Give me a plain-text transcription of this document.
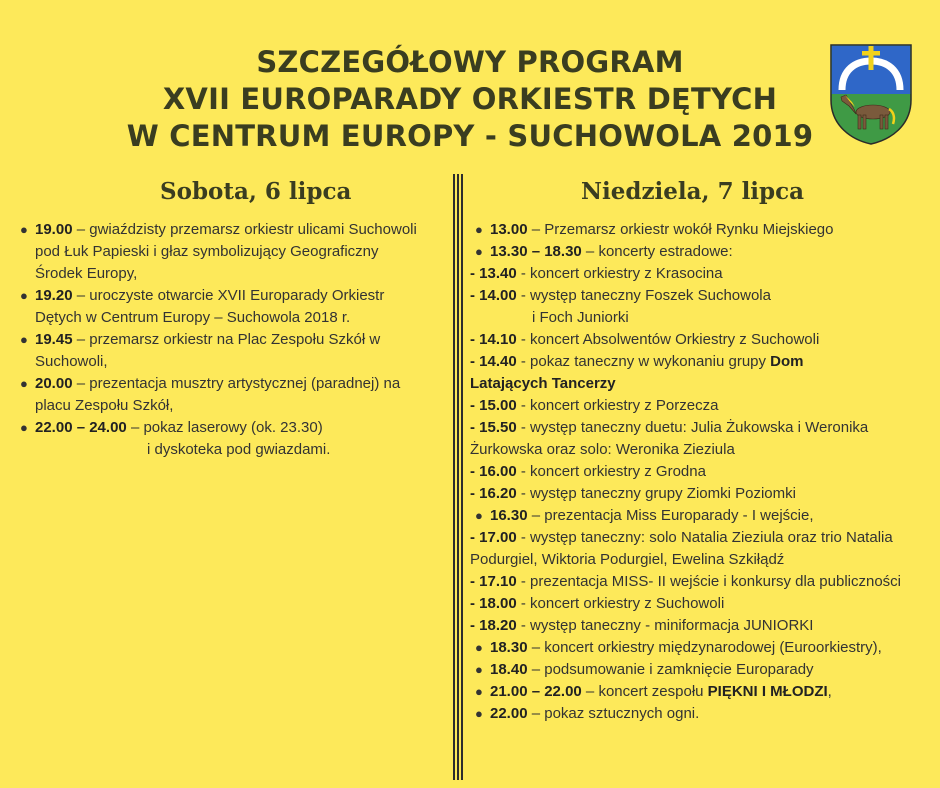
SZCZEGÓŁOWY PROGRAM
XVII EUROPARADY ORKIESTR DĘTYCH
W CENTRUM EUROPY - SUCHOWOLA 2019
Sobota, 6 lipca	Niedziela, 7 lipca
● 19.00 – gwiaździsty przemarsz orkiestr ulicami Suchowoli
pod Łuk Papieski i głaz symbolizujący Geograficzny
Środek Europy,
● 19.20 – uroczyste otwarcie XVII Europarady Orkiestr
Dętych w Centrum Europy – Suchowola 2018 r.
● 19.45 – przemarsz orkiestr na Plac Zespołu Szkół w
Suchowoli,
● 20.00 – prezentacja musztry artystycznej (paradnej) na
placu Zespołu Szkół,
● 22.00 – 24.00 – pokaz laserowy (ok. 23.30)
i dyskoteka pod gwiazdami.
● 13.00 – Przemarsz orkiestr wokół Rynku Miejskiego
● 13.30 – 18.30 – koncerty estradowe:
- 13.40 - koncert orkiestry z Krasocina
- 14.00 - występ taneczny Foszek Suchowola
i Foch Juniorki
- 14.10 - koncert Absolwentów Orkiestry z Suchowoli
- 14.40 - pokaz taneczny w wykonaniu grupy Dom
Latających Tancerzy
- 15.00 - koncert orkiestry z Porzecza
- 15.50 - występ taneczny duetu: Julia Żukowska i Weronika
Żurkowska oraz solo: Weronika Zieziula
- 16.00 - koncert orkiestry z Grodna
- 16.20 - występ taneczny grupy Ziomki Poziomki
● 16.30 – prezentacja Miss Europarady - I wejście,
- 17.00 - występ taneczny: solo Natalia Zieziula oraz trio Natalia
Podurgiel, Wiktoria Podurgiel, Ewelina Szkiłądź
- 17.10 - prezentacja MISS- II wejście i konkursy dla publiczności
- 18.00 - koncert orkiestry z Suchowoli
- 18.20 - występ taneczny - miniformacja JUNIORKI
● 18.30 – koncert orkiestry międzynarodowej (Euroorkiestry),
● 18.40 – podsumowanie i zamknięcie Europarady
● 21.00 – 22.00 – koncert zespołu PIĘKNI I MŁODZI,
● 22.00 – pokaz sztucznych ogni.
